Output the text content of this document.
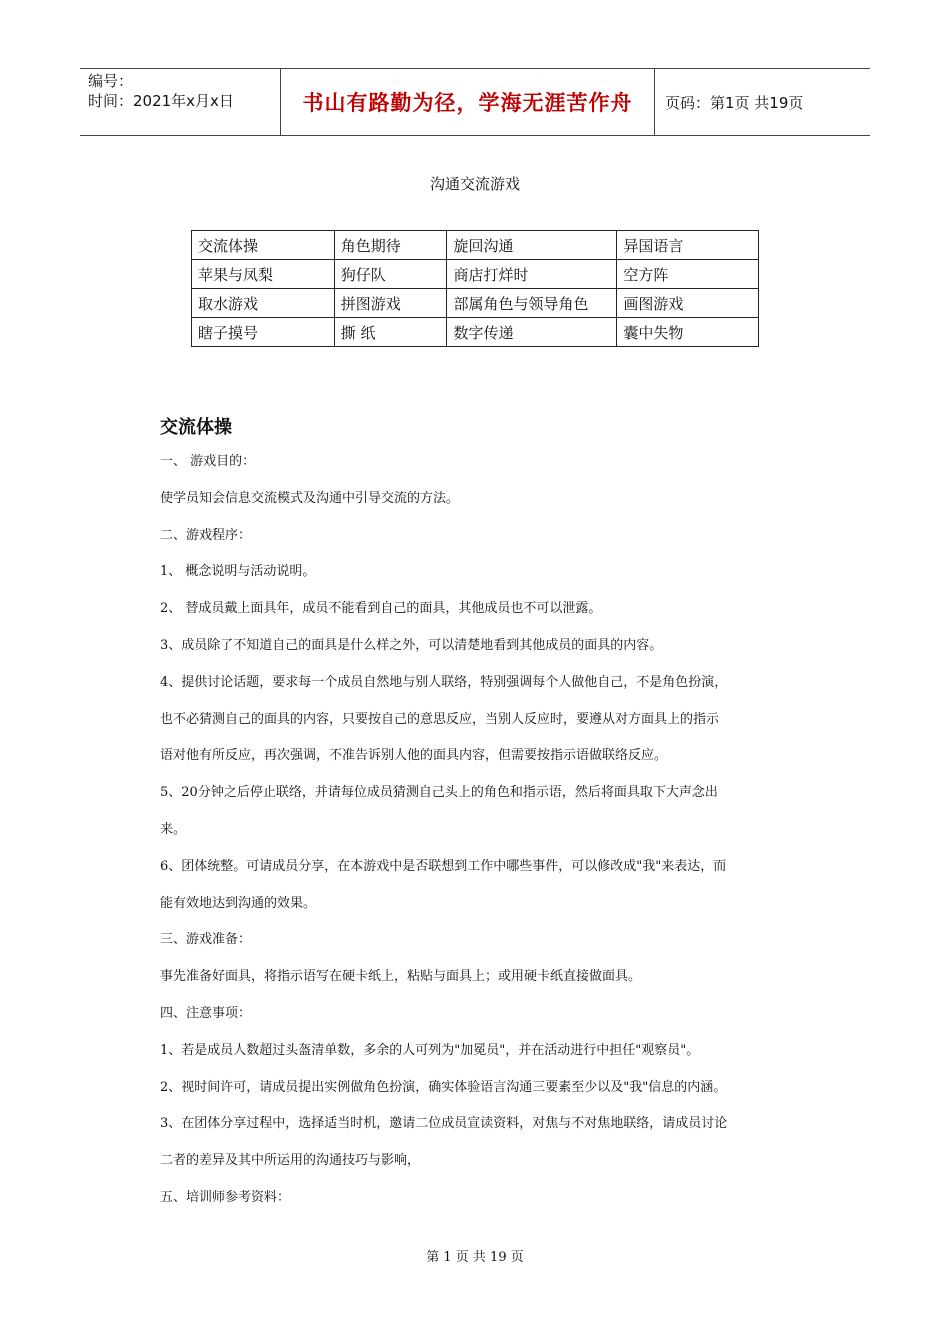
编号：
时间：2021年x月x日	书山有路勤为径，学海无涯苦作舟	页码：第1页 共19页
沟通交流游戏
交流体操	角色期待	旋回沟通	异国语言
苹果与凤梨	狗仔队	商店打烊时	空方阵
取水游戏	拼图游戏	部属角色与领导角色	画图游戏
瞎子摸号	撕 纸	数字传递	囊中失物
交流体操

一、 游戏目的：

使学员知会信息交流模式及沟通中引导交流的方法。

二、游戏程序：

1、 概念说明与活动说明。

2、 替成员戴上面具年，成员不能看到自己的面具，其他成员也不可以泄露。

3、成员除了不知道自己的面具是什么样之外，可以清楚地看到其他成员的面具的内容。

4、提供讨论话题，要求每一个成员自然地与别人联络，特别强调每个人做他自己，不是角色扮演，

也不必猜测自己的面具的内容，只要按自己的意思反应，当别人反应时，要遵从对方面具上的指示

语对他有所反应，再次强调，不准告诉别人他的面具内容，但需要按指示语做联络反应。

5、20分钟之后停止联络，并请每位成员猜测自己头上的角色和指示语，然后将面具取下大声念出

来。

6、团体统整。可请成员分享，在本游戏中是否联想到工作中哪些事件，可以修改成"我"来表达，而

能有效地达到沟通的效果。

三、游戏准备：

事先准备好面具，将指示语写在硬卡纸上，粘贴与面具上；或用硬卡纸直接做面具。

四、注意事项：

1、若是成员人数超过头盔清单数，多余的人可列为"加冕员"，并在活动进行中担任"观察员"。

2、视时间许可，请成员提出实例做角色扮演，确实体验语言沟通三要素至少以及"我"信息的内涵。

3、在团体分享过程中，选择适当时机，邀请二位成员宣读资料，对焦与不对焦地联络，请成员讨论

二者的差异及其中所运用的沟通技巧与影响，

五、培训师参考资料：

第 1 页 共 19 页
